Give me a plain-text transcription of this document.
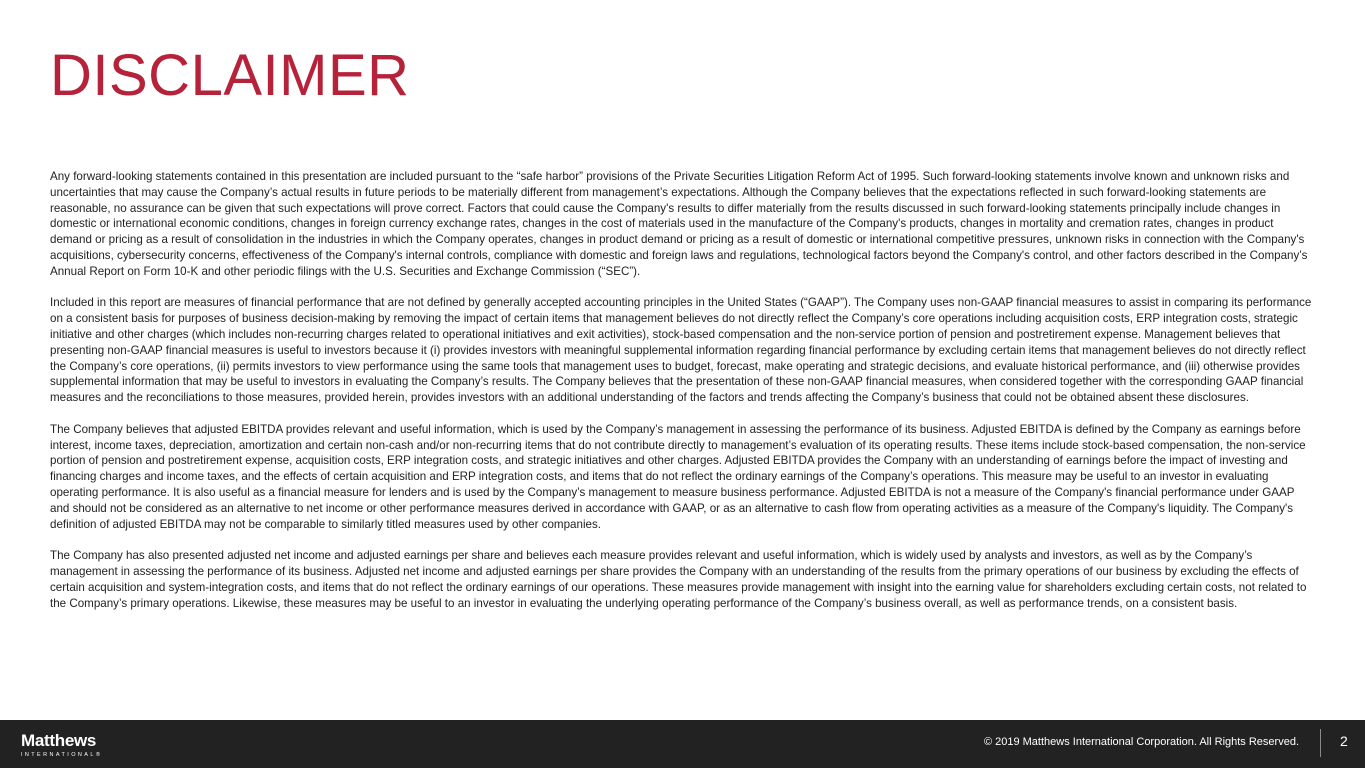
DISCLAIMER

Any forward-looking statements contained in this presentation are included pursuant to the “safe harbor” provisions of the Private Securities Litigation Reform Act of 1995. Such forward-looking statements involve known and unknown risks and uncertainties that may cause the Company’s actual results in future periods to be materially different from management’s expectations. Although the Company believes that the expectations reflected in such forward-looking statements are reasonable, no assurance can be given that such expectations will prove correct. Factors that could cause the Company's results to differ materially from the results discussed in such forward-looking statements principally include changes in domestic or international economic conditions, changes in foreign currency exchange rates, changes in the cost of materials used in the manufacture of the Company's products, changes in mortality and cremation rates, changes in product demand or pricing as a result of consolidation in the industries in which the Company operates, changes in product demand or pricing as a result of domestic or international competitive pressures, unknown risks in connection with the Company's acquisitions, cybersecurity concerns, effectiveness of the Company's internal controls, compliance with domestic and foreign laws and regulations, technological factors beyond the Company's control, and other factors described in the Company’s Annual Report on Form 10-K and other periodic filings with the U.S. Securities and Exchange Commission (“SEC”).

Included in this report are measures of financial performance that are not defined by generally accepted accounting principles in the United States (“GAAP”). The Company uses non-GAAP financial measures to assist in comparing its performance on a consistent basis for purposes of business decision-making by removing the impact of certain items that management believes do not directly reflect the Company’s core operations including acquisition costs, ERP integration costs, strategic initiative and other charges (which includes non-recurring charges related to operational initiatives and exit activities), stock-based compensation and the non-service portion of pension and postretirement expense. Management believes that presenting non-GAAP financial measures is useful to investors because it (i) provides investors with meaningful supplemental information regarding financial performance by excluding certain items that management believes do not directly reflect the Company’s core operations, (ii) permits investors to view performance using the same tools that management uses to budget, forecast, make operating and strategic decisions, and evaluate historical performance, and (iii) otherwise provides supplemental information that may be useful to investors in evaluating the Company’s results. The Company believes that the presentation of these non-GAAP financial measures, when considered together with the corresponding GAAP financial measures and the reconciliations to those measures, provided herein, provides investors with an additional understanding of the factors and trends affecting the Company’s business that could not be obtained absent these disclosures.

The Company believes that adjusted EBITDA provides relevant and useful information, which is used by the Company’s management in assessing the performance of its business. Adjusted EBITDA is defined by the Company as earnings before interest, income taxes, depreciation, amortization and certain non-cash and/or non-recurring items that do not contribute directly to management’s evaluation of its operating results. These items include stock-based compensation, the non-service portion of pension and postretirement expense, acquisition costs, ERP integration costs, and strategic initiatives and other charges. Adjusted EBITDA provides the Company with an understanding of earnings before the impact of investing and financing charges and income taxes, and the effects of certain acquisition and ERP integration costs, and items that do not reflect the ordinary earnings of the Company’s operations. This measure may be useful to an investor in evaluating operating performance. It is also useful as a financial measure for lenders and is used by the Company’s management to measure business performance. Adjusted EBITDA is not a measure of the Company's financial performance under GAAP and should not be considered as an alternative to net income or other performance measures derived in accordance with GAAP, or as an alternative to cash flow from operating activities as a measure of the Company's liquidity. The Company's definition of adjusted EBITDA may not be comparable to similarly titled measures used by other companies.

The Company has also presented adjusted net income and adjusted earnings per share and believes each measure provides relevant and useful information, which is widely used by analysts and investors, as well as by the Company’s management in assessing the performance of its business. Adjusted net income and adjusted earnings per share provides the Company with an understanding of the results from the primary operations of our business by excluding the effects of certain acquisition and system-integration costs, and items that do not reflect the ordinary earnings of our operations. These measures provide management with insight into the earning value for shareholders excluding certain costs, not related to the Company’s primary operations. Likewise, these measures may be useful to an investor in evaluating the underlying operating performance of the Company’s business overall, as well as performance trends, on a consistent basis.

Matthews
INTERNATIONAL®
© 2019 Matthews International Corporation. All Rights Reserved.	2
